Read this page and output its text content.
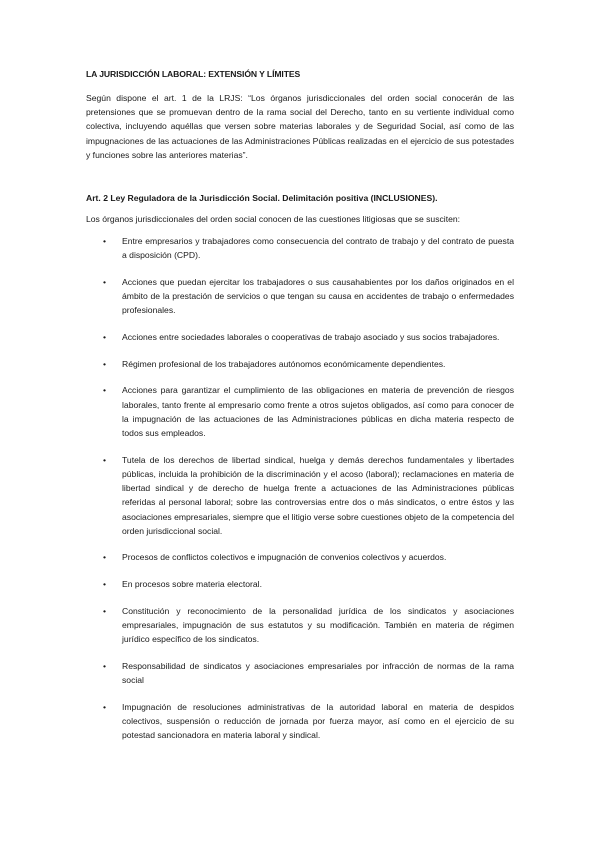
LA JURISDICCIÓN LABORAL: EXTENSIÓN Y LÍMITES

Según dispone el art. 1 de la LRJS: “Los órganos jurisdiccionales del orden social conocerán de las pretensiones que se promuevan dentro de la rama social del Derecho, tanto en su vertiente individual como colectiva, incluyendo aquéllas que versen sobre materias laborales y de Seguridad Social, así como de las impugnaciones de las actuaciones de las Administraciones Públicas realizadas en el ejercicio de sus potestades y funciones sobre las anteriores materias”.

Art. 2 Ley Reguladora de la Jurisdicción Social. Delimitación positiva (INCLUSIONES).
Los órganos jurisdiccionales del orden social conocen de las cuestiones litigiosas que se susciten:
• Entre empresarios y trabajadores como consecuencia del contrato de trabajo y del contrato de puesta a disposición (CPD).
• Acciones que puedan ejercitar los trabajadores o sus causahabientes por los daños originados en el ámbito de la prestación de servicios o que tengan su causa en accidentes de trabajo o enfermedades profesionales.
• Acciones entre sociedades laborales o cooperativas de trabajo asociado y sus socios trabajadores.
• Régimen profesional de los trabajadores autónomos económicamente dependientes.
• Acciones para garantizar el cumplimiento de las obligaciones en materia de prevención de riesgos laborales, tanto frente al empresario como frente a otros sujetos obligados, así como para conocer de la impugnación de las actuaciones de las Administraciones públicas en dicha materia respecto de todos sus empleados.
• Tutela de los derechos de libertad sindical, huelga y demás derechos fundamentales y libertades públicas, incluida la prohibición de la discriminación y el acoso (laboral); reclamaciones en materia de libertad sindical y de derecho de huelga frente a actuaciones de las Administraciones públicas referidas al personal laboral; sobre las controversias entre dos o más sindicatos, o entre éstos y las asociaciones empresariales, siempre que el litigio verse sobre cuestiones objeto de la competencia del orden jurisdiccional social.
• Procesos de conflictos colectivos e impugnación de convenios colectivos y acuerdos.
• En procesos sobre materia electoral.
• Constitución y reconocimiento de la personalidad jurídica de los sindicatos y asociaciones empresariales, impugnación de sus estatutos y su modificación. También en materia de régimen jurídico específico de los sindicatos.
• Responsabilidad de sindicatos y asociaciones empresariales por infracción de normas de la rama social
• Impugnación de resoluciones administrativas de la autoridad laboral en materia de despidos colectivos, suspensión o reducción de jornada por fuerza mayor, así como en el ejercicio de su potestad sancionadora en materia laboral y sindical.
